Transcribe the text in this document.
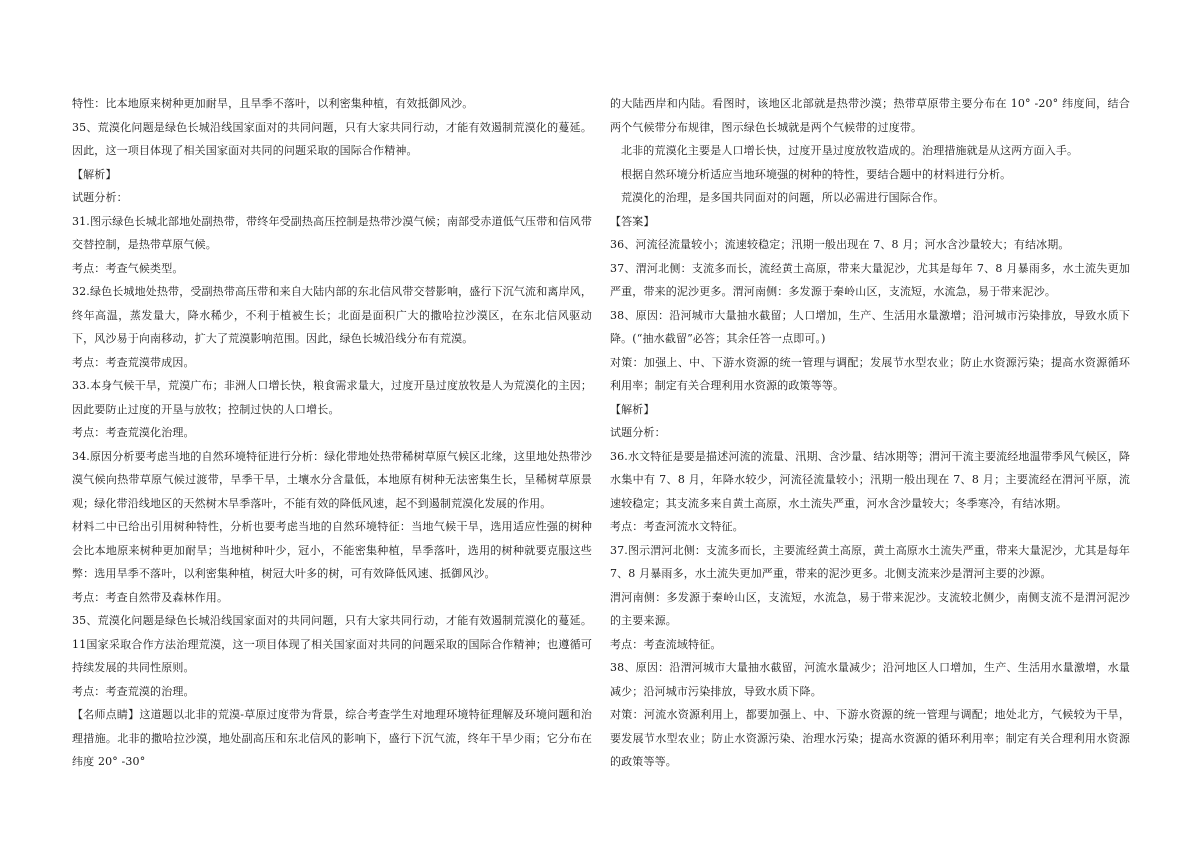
特性：比本地原来树种更加耐旱，且旱季不落叶，以利密集种植，有效抵御风沙。

35、荒漠化问题是绿色长城沿线国家面对的共同问题，只有大家共同行动，才能有效遏制荒漠化的蔓延。因此，这一项目体现了相关国家面对共同的问题采取的国际合作精神。

【解析】

试题分析：

31.图示绿色长城北部地处副热带，带终年受副热高压控制是热带沙漠气候；南部受赤道低气压带和信风带交替控制，是热带草原气候。

考点：考查气候类型。

32.绿色长城地处热带，受副热带高压带和来自大陆内部的东北信风带交替影响，盛行下沉气流和离岸风，终年高温，蒸发量大，降水稀少，不利于植被生长；北面是面积广大的撒哈拉沙漠区，在东北信风驱动下，风沙易于向南移动，扩大了荒漠影响范围。因此，绿色长城沿线分布有荒漠。

考点：考查荒漠带成因。

33.本身气候干旱，荒漠广布；非洲人口增长快，粮食需求量大，过度开垦过度放牧是人为荒漠化的主因；因此要防止过度的开垦与放牧；控制过快的人口增长。

考点：考查荒漠化治理。

34.原因分析要考虑当地的自然环境特征进行分析：绿化带地处热带稀树草原气候区北缘，这里地处热带沙漠气候向热带草原气候过渡带，旱季干旱，土壤水分含量低，本地原有树种无法密集生长，呈稀树草原景观；绿化带沿线地区的天然树木旱季落叶，不能有效的降低风速，起不到遏制荒漠化发展的作用。

材料二中已给出引用树种特性，分析也要考虑当地的自然环境特征：当地气候干旱，选用适应性强的树种会比本地原来树种更加耐旱；当地树种叶少，冠小，不能密集种植，旱季落叶，选用的树种就要克服这些弊：选用旱季不落叶，以利密集种植，树冠大叶多的树，可有效降低风速、抵御风沙。

考点：考查自然带及森林作用。

35、荒漠化问题是绿色长城沿线国家面对的共同问题，只有大家共同行动，才能有效遏制荒漠化的蔓延。11国家采取合作方法治理荒漠，这一项目体现了相关国家面对共同的问题采取的国际合作精神；也遵循可持续发展的共同性原则。

考点：考查荒漠的治理。

【名师点睛】这道题以北非的荒漠-草原过度带为背景，综合考查学生对地理环境特征理解及环境问题和治理措施。北非的撒哈拉沙漠，地处副高压和东北信风的影响下，盛行下沉气流，终年干旱少雨；它分布在纬度 20° -30°

的大陆西岸和内陆。看图时，该地区北部就是热带沙漠；热带草原带主要分布在 10° -20° 纬度间，结合两个气候带分布规律，图示绿色长城就是两个气候带的过度带。

北非的荒漠化主要是人口增长快，过度开垦过度放牧造成的。治理措施就是从这两方面入手。

根据自然环境分析适应当地环境强的树种的特性，要结合题中的材料进行分析。

荒漠化的治理，是多国共同面对的问题，所以必需进行国际合作。

【答案】

36、河流径流量较小；流速较稳定；汛期一般出现在 7、8 月；河水含沙量较大；有结冰期。

37、渭河北侧：支流多而长，流经黄土高原，带来大量泥沙，尤其是每年 7、8 月暴雨多，水土流失更加严重，带来的泥沙更多。渭河南侧：多发源于秦岭山区，支流短，水流急，易于带来泥沙。

38、原因：沿河城市大量抽水截留；人口增加，生产、生活用水量激增；沿河城市污染排放，导致水质下降。(“抽水截留”必答；其余任答一点即可。)

对策：加强上、中、下游水资源的统一管理与调配；发展节水型农业；防止水资源污染；提高水资源循环利用率；制定有关合理利用水资源的政策等等。

【解析】

试题分析：

36.水文特征是要是描述河流的流量、汛期、含沙量、结冰期等；渭河干流主要流经地温带季风气候区，降水集中有 7、8 月，年降水较少，河流径流量较小；汛期一般出现在 7、8 月；主要流经在渭河平原，流速较稳定；其支流多来自黄土高原，水土流失严重，河水含沙量较大；冬季寒冷，有结冰期。

考点：考查河流水文特征。

37.图示渭河北侧：支流多而长，主要流经黄土高原，黄土高原水土流失严重，带来大量泥沙，尤其是每年 7、8 月暴雨多，水土流失更加严重，带来的泥沙更多。北侧支流来沙是渭河主要的沙源。

渭河南侧：多发源于秦岭山区，支流短，水流急，易于带来泥沙。支流较北侧少，南侧支流不是渭河泥沙的主要来源。

考点：考查流域特征。

38、原因：沿渭河城市大量抽水截留，河流水量减少；沿河地区人口增加，生产、生活用水量激增，水量减少；沿河城市污染排放，导致水质下降。

对策：河流水资源利用上，都要加强上、中、下游水资源的统一管理与调配；地处北方，气候较为干旱，要发展节水型农业；防止水资源污染、治理水污染；提高水资源的循环利用率；制定有关合理利用水资源的政策等等。
